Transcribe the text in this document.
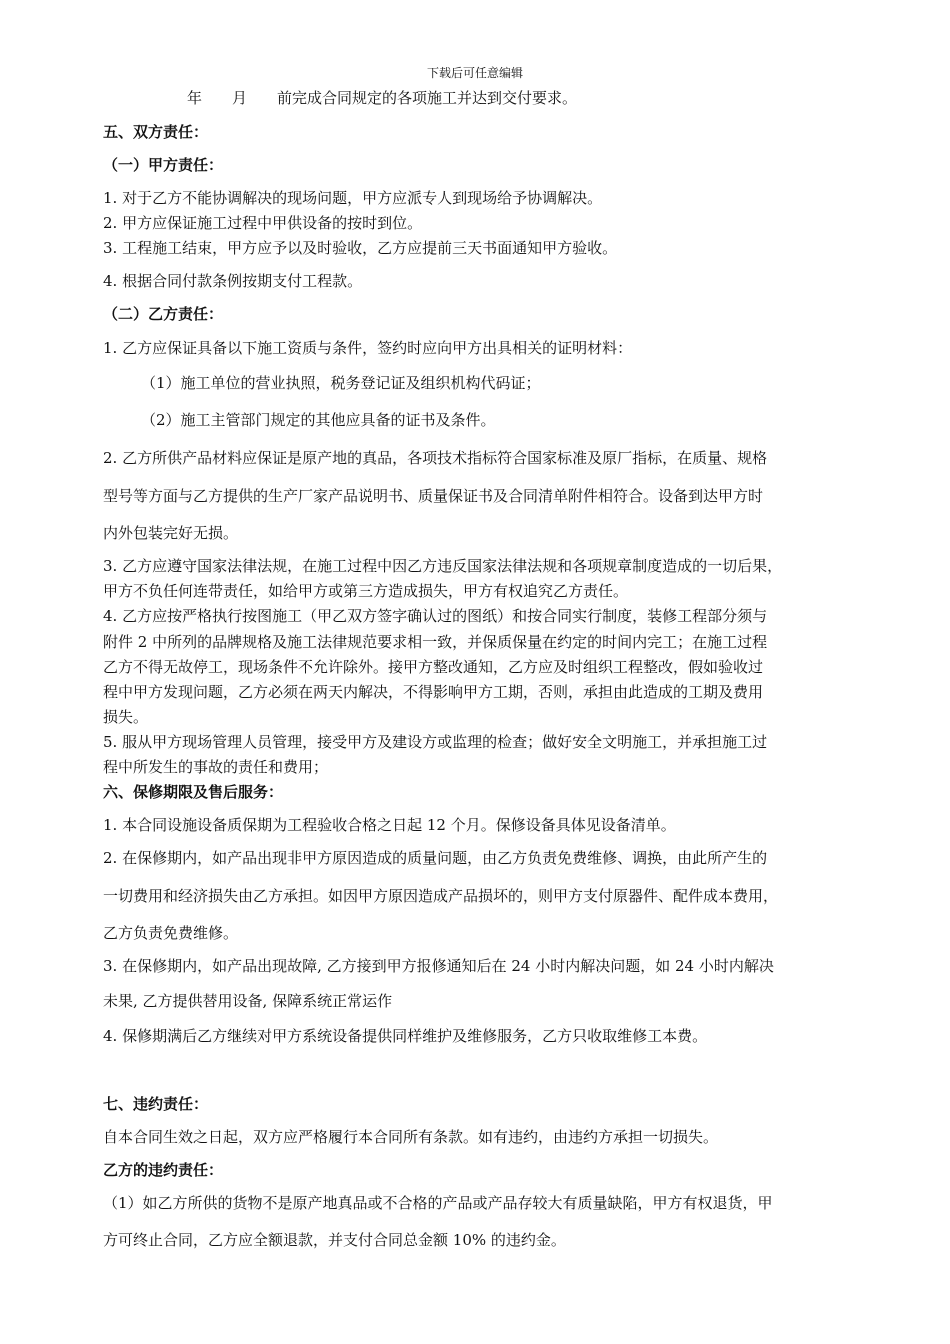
下载后可任意编辑
年　　月　　前完成合同规定的各项施工并达到交付要求。
五、双方责任：
（一）甲方责任：
1. 对于乙方不能协调解决的现场问题，甲方应派专人到现场给予协调解决。
2. 甲方应保证施工过程中甲供设备的按时到位。
3. 工程施工结束，甲方应予以及时验收，乙方应提前三天书面通知甲方验收。
4. 根据合同付款条例按期支付工程款。
（二）乙方责任：
1. 乙方应保证具备以下施工资质与条件，签约时应向甲方出具相关的证明材料：
（1）施工单位的营业执照，税务登记证及组织机构代码证；
（2）施工主管部门规定的其他应具备的证书及条件。
2. 乙方所供产品材料应保证是原产地的真品，各项技术指标符合国家标准及原厂指标，在质量、规格
型号等方面与乙方提供的生产厂家产品说明书、质量保证书及合同清单附件相符合。设备到达甲方时
内外包装完好无损。
3. 乙方应遵守国家法律法规，在施工过程中因乙方违反国家法律法规和各项规章制度造成的一切后果，
甲方不负任何连带责任，如给甲方或第三方造成损失，甲方有权追究乙方责任。
4. 乙方应按严格执行按图施工（甲乙双方签字确认过的图纸）和按合同实行制度，装修工程部分须与
附件 2 中所列的品牌规格及施工法律规范要求相一致，并保质保量在约定的时间内完工；在施工过程
乙方不得无故停工，现场条件不允许除外。接甲方整改通知，乙方应及时组织工程整改，假如验收过
程中甲方发现问题，乙方必须在两天内解决，不得影响甲方工期，否则，承担由此造成的工期及费用
损失。
5. 服从甲方现场管理人员管理，接受甲方及建设方或监理的检查；做好安全文明施工，并承担施工过
程中所发生的事故的责任和费用；
六、保修期限及售后服务：
1. 本合同设施设备质保期为工程验收合格之日起 12 个月。保修设备具体见设备清单。
2. 在保修期内，如产品出现非甲方原因造成的质量问题，由乙方负责免费维修、调换，由此所产生的
一切费用和经济损失由乙方承担。如因甲方原因造成产品损坏的，则甲方支付原器件、配件成本费用，
乙方负责免费维修。
3. 在保修期内，如产品出现故障, 乙方接到甲方报修通知后在 24 小时内解决问题，如 24 小时内解决
未果, 乙方提供替用设备, 保障系统正常运作
4. 保修期满后乙方继续对甲方系统设备提供同样维护及维修服务，乙方只收取维修工本费。
七、违约责任：
自本合同生效之日起，双方应严格履行本合同所有条款。如有违约，由违约方承担一切损失。
乙方的违约责任：
（1）如乙方所供的货物不是原产地真品或不合格的产品或产品存较大有质量缺陷，甲方有权退货，甲
方可终止合同，乙方应全额退款，并支付合同总金额 10% 的违约金。
